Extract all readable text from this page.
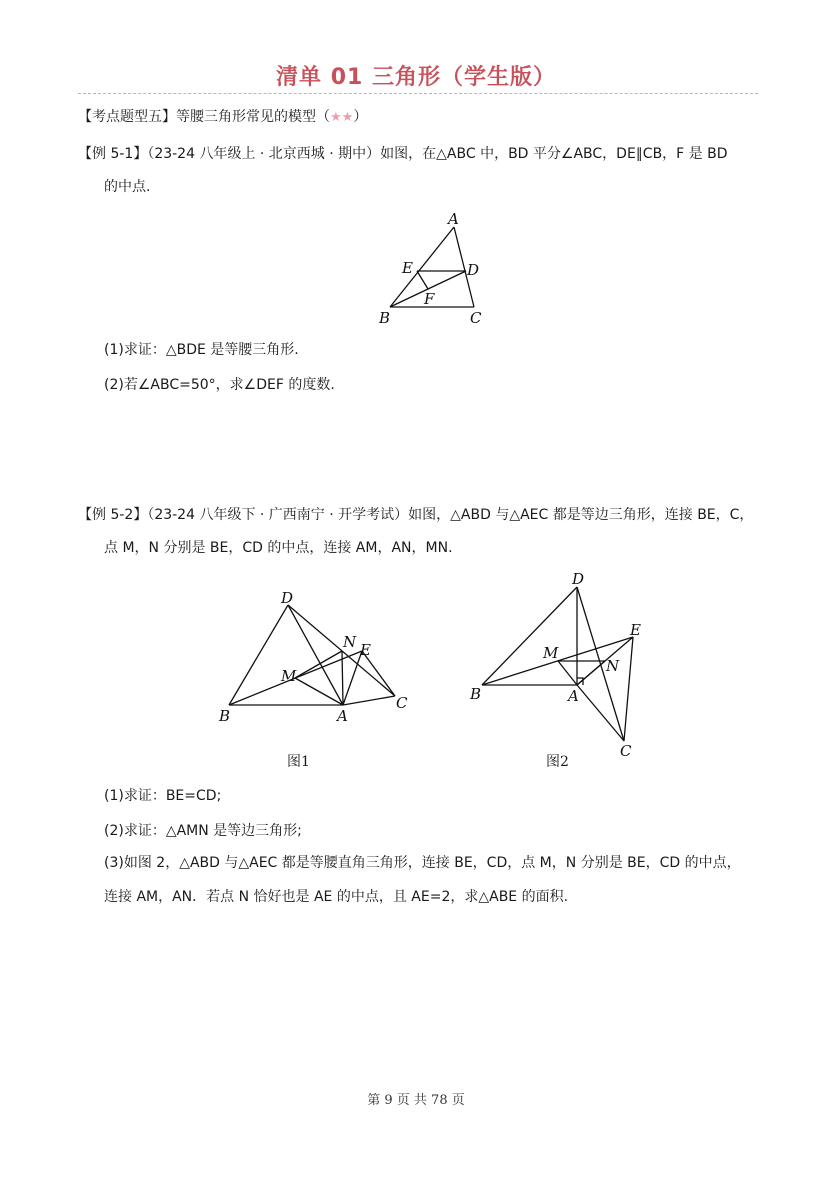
清单 01 三角形（学生版）
【考点题型五】等腰三角形常见的模型（★★）
【例 5-1】（23-24 八年级上 · 北京西城 · 期中）如图，在△ABC 中，BD 平分∠ABC，DE∥CB，F 是 BD
的中点.
A
E	D
F
B	C
(1)求证：△BDE 是等腰三角形.
(2)若∠ABC=50°，求∠DEF 的度数.
【例 5-2】（23-24 八年级下 · 广西南宁 · 开学考试）如图，△ABD 与△AEC 都是等边三角形，连接 BE，C，
点 M，N 分别是 BE，CD 的中点，连接 AM，AN，MN.
D
N E
M
B	A
C
D
E
M
N
B	A
C
图1	图2
(1)求证：BE=CD;
(2)求证：△AMN 是等边三角形;
(3)如图 2，△ABD 与△AEC 都是等腰直角三角形，连接 BE，CD，点 M，N 分别是 BE，CD 的中点，
连接 AM，AN．若点 N 恰好也是 AE 的中点，且 AE=2，求△ABE 的面积.
第 9 页 共 78 页
